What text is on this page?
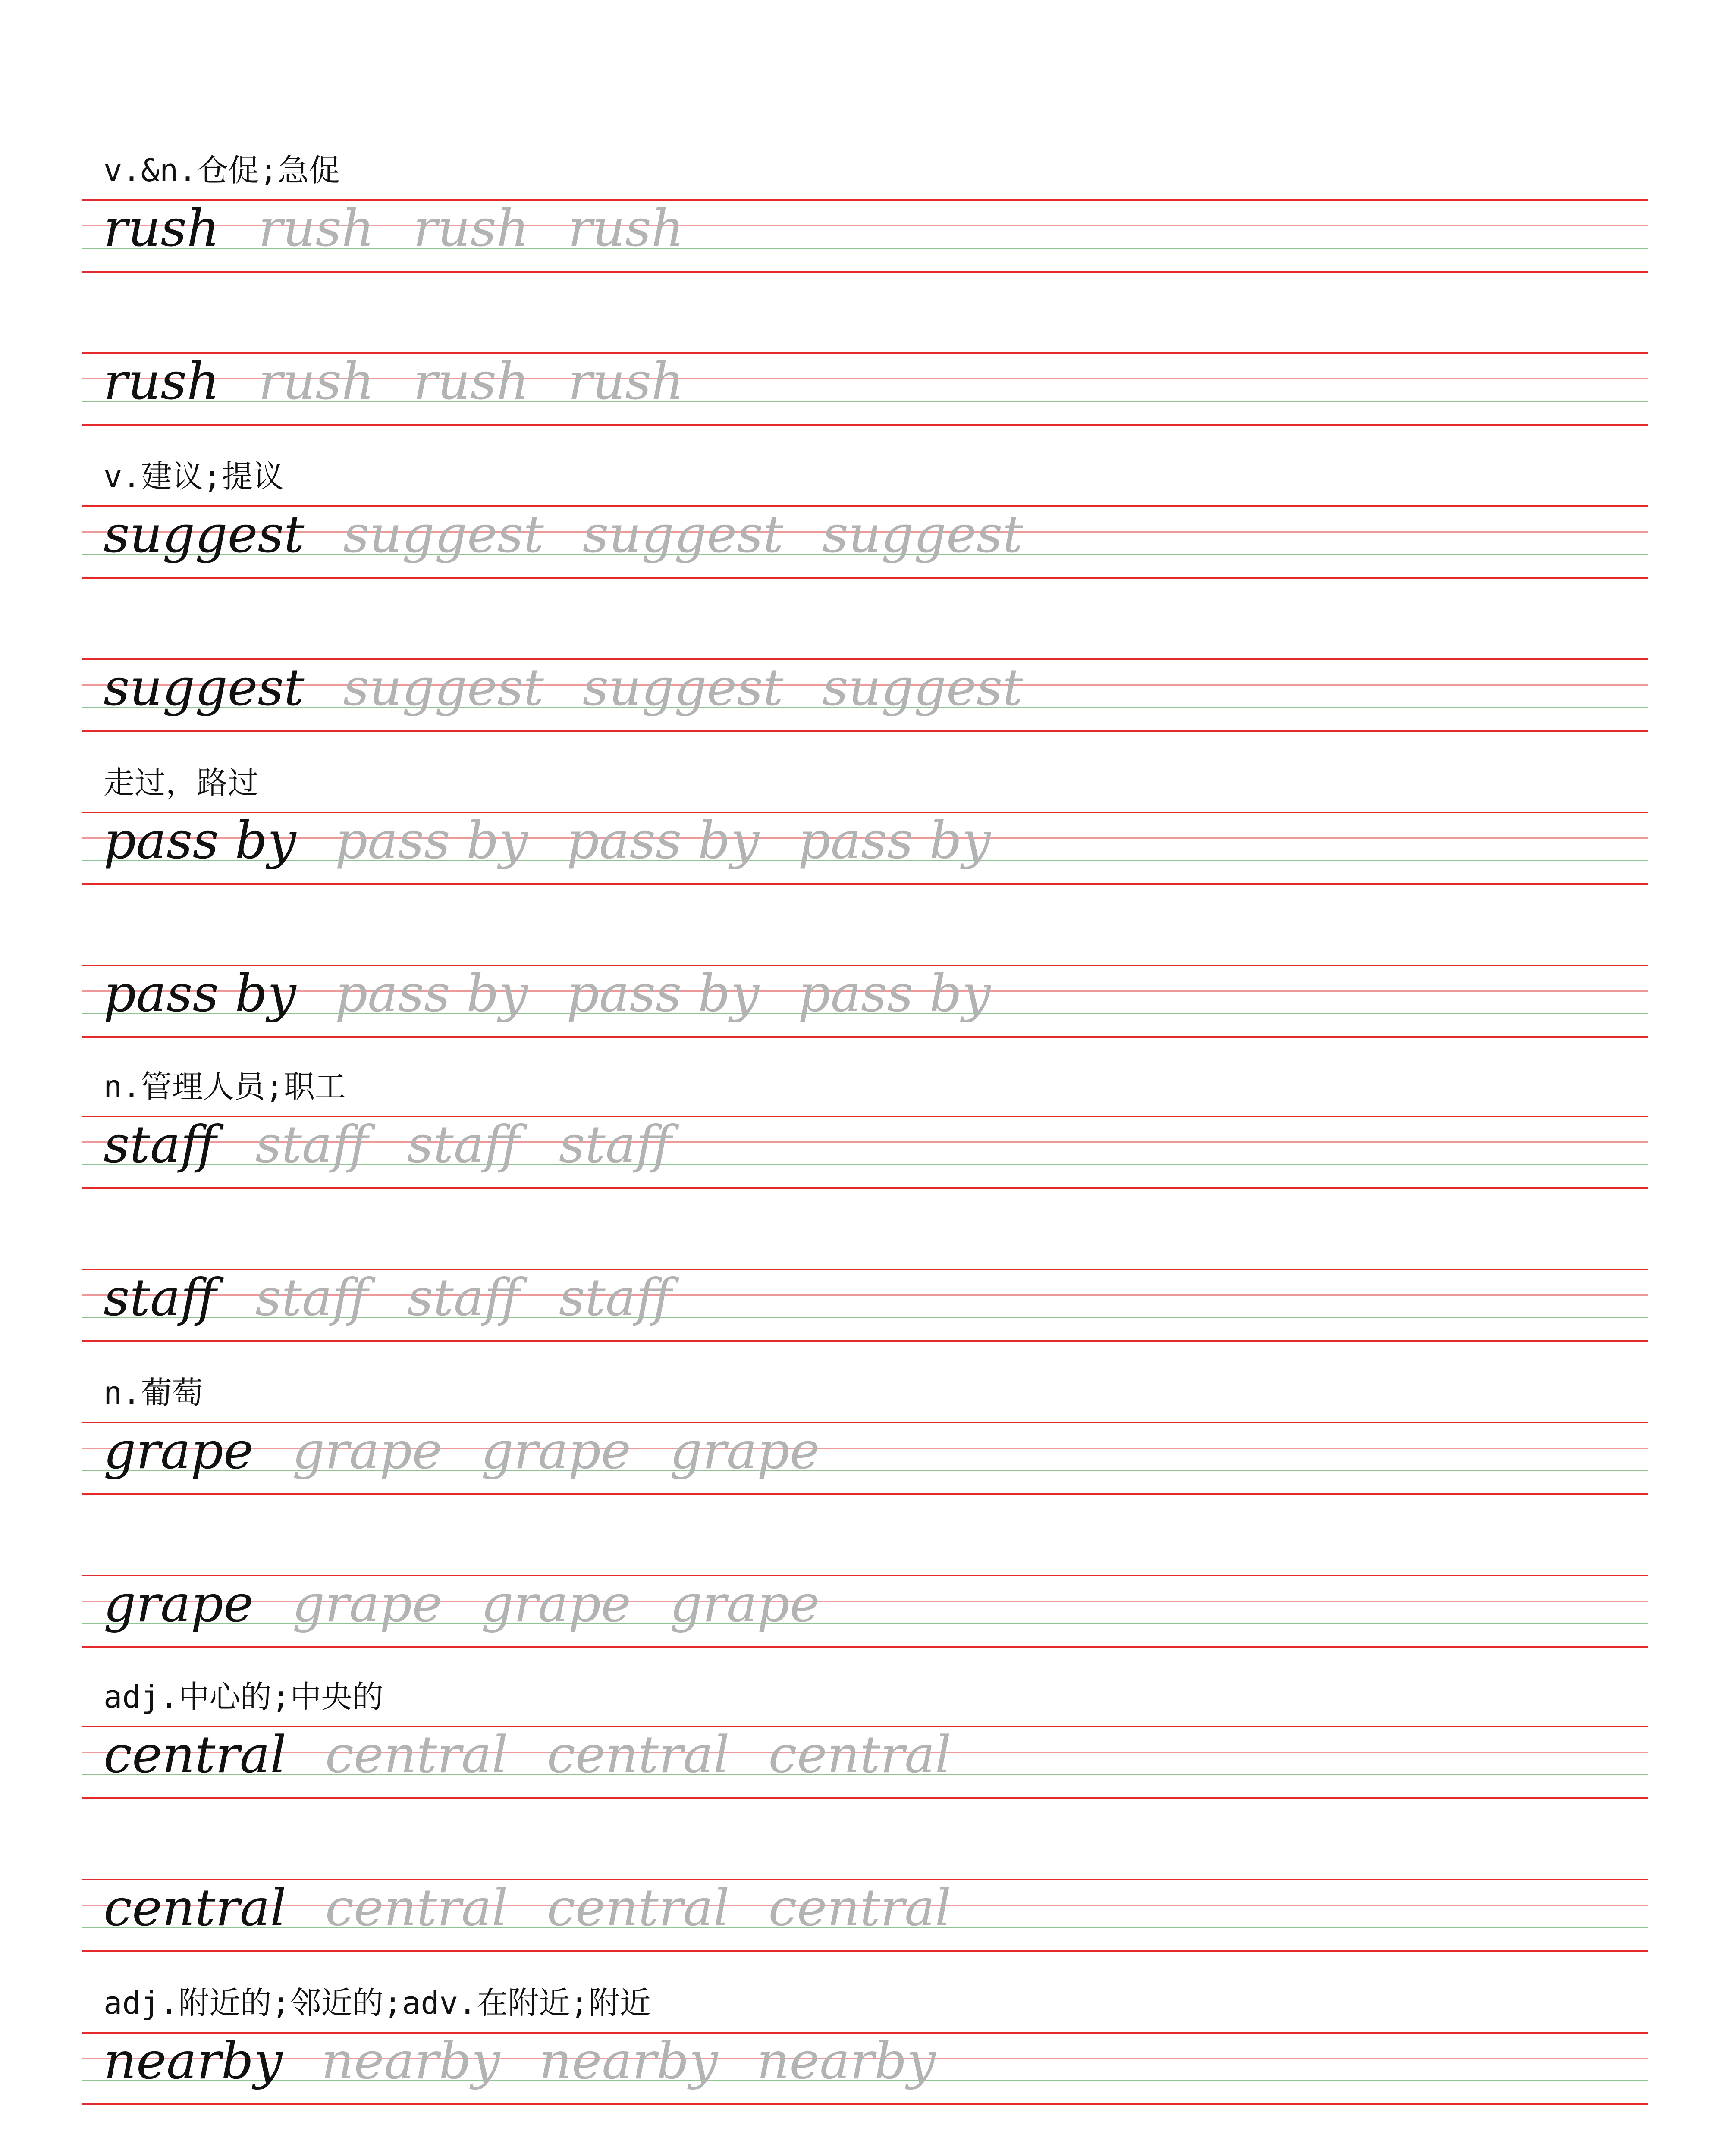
v.&n.仓促;急促
rush rush rush rush
rush rush rush rush
v.建议;提议
suggest suggest suggest suggest
suggest suggest suggest suggest
走过，路过
pass by pass by pass by pass by
pass by pass by pass by pass by
n.管理人员;职工
staff staff staff staff
staff staff staff staff
n.葡萄
grape grape grape grape
grape grape grape grape
adj.中心的;中央的
central central central central
central central central central
adj.附近的;邻近的;adv.在附近;附近
nearby nearby nearby nearby
